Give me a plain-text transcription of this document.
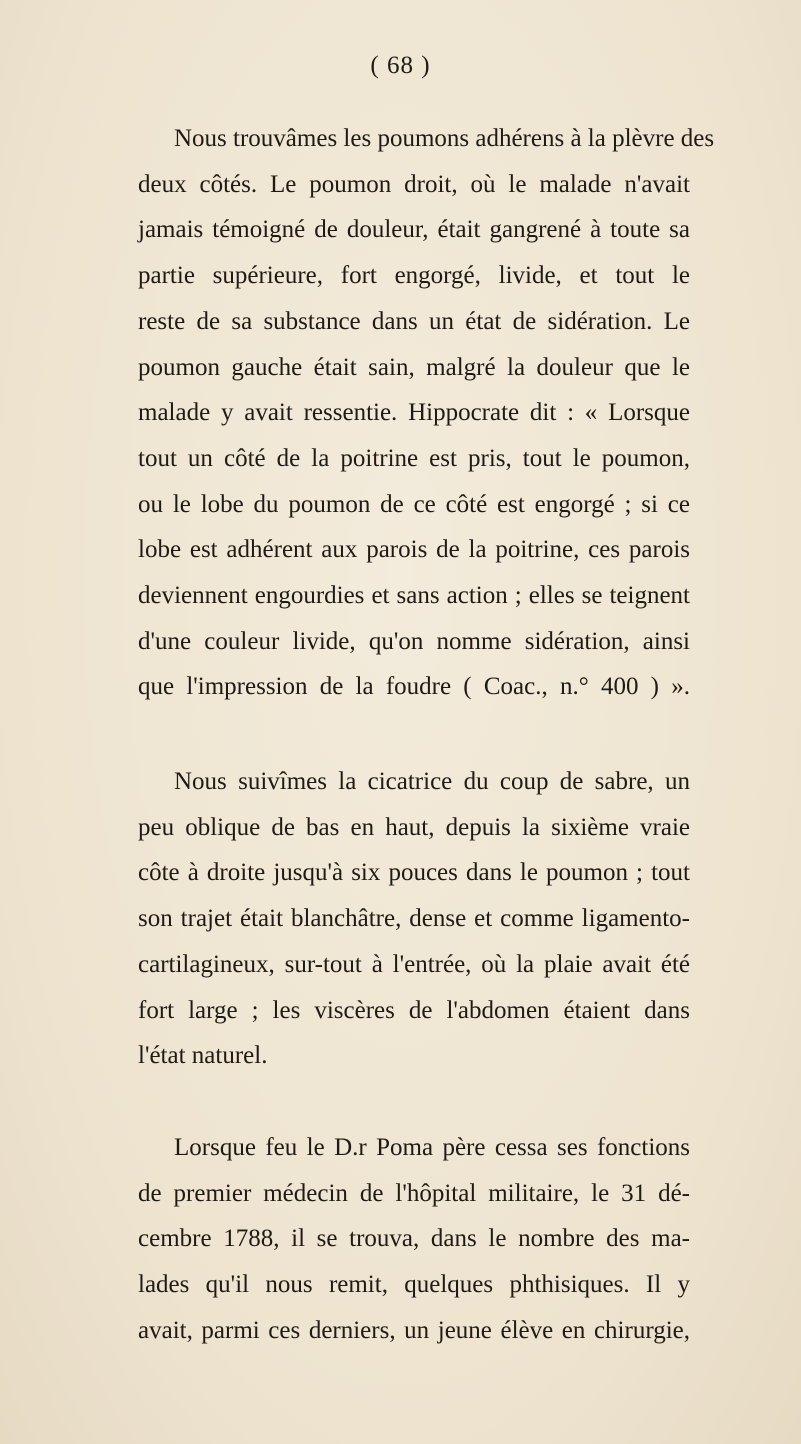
( 68 )
Nous trouvâmes les poumons adhérens à la plèvre des
deux côtés. Le poumon droit, où le malade n'avait
jamais témoigné de douleur, était gangrené à toute sa
partie supérieure, fort engorgé, livide, et tout le
reste de sa substance dans un état de sidération. Le
poumon gauche était sain, malgré la douleur que le
malade y avait ressentie. Hippocrate dit : « Lorsque
tout un côté de la poitrine est pris, tout le poumon,
ou le lobe du poumon de ce côté est engorgé ; si ce
lobe est adhérent aux parois de la poitrine, ces parois
deviennent engourdies et sans action ; elles se teignent
d'une couleur livide, qu'on nomme sidération, ainsi
que l'impression de la foudre ( Coac., n.° 400 ) ».
Nous suivîmes la cicatrice du coup de sabre, un
peu oblique de bas en haut, depuis la sixième vraie
côte à droite jusqu'à six pouces dans le poumon ; tout
son trajet était blanchâtre, dense et comme ligamento-
cartilagineux, sur-tout à l'entrée, où la plaie avait été
fort large ; les viscères de l'abdomen étaient dans
l'état naturel.
Lorsque feu le D.r Poma père cessa ses fonctions
de premier médecin de l'hôpital militaire, le 31 dé-
cembre 1788, il se trouva, dans le nombre des ma-
lades qu'il nous remit, quelques phthisiques. Il y
avait, parmi ces derniers, un jeune élève en chirurgie,
